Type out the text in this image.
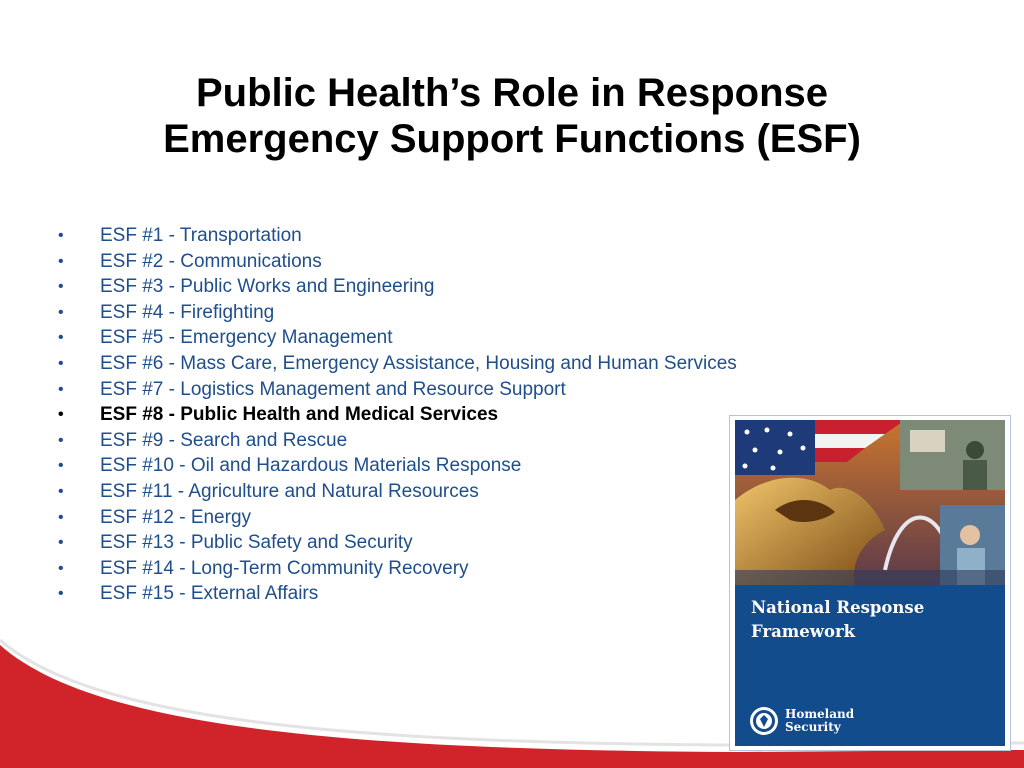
Public Health’s Role in Response
Emergency Support Functions (ESF)
• ESF #1 - Transportation
• ESF #2 - Communications
• ESF #3 - Public Works and Engineering
• ESF #4 - Firefighting
• ESF #5 - Emergency Management
• ESF #6 - Mass Care, Emergency Assistance, Housing and Human Services
• ESF #7 - Logistics Management and Resource Support
• ESF #8 - Public Health and Medical Services
• ESF #9 - Search and Rescue
• ESF #10 - Oil and Hazardous Materials Response
• ESF #11 - Agriculture and Natural Resources
• ESF #12 - Energy
• ESF #13 - Public Safety and Security
• ESF #14 - Long-Term Community Recovery
• ESF #15 - External Affairs
National Response
Framework
Homeland
Security
